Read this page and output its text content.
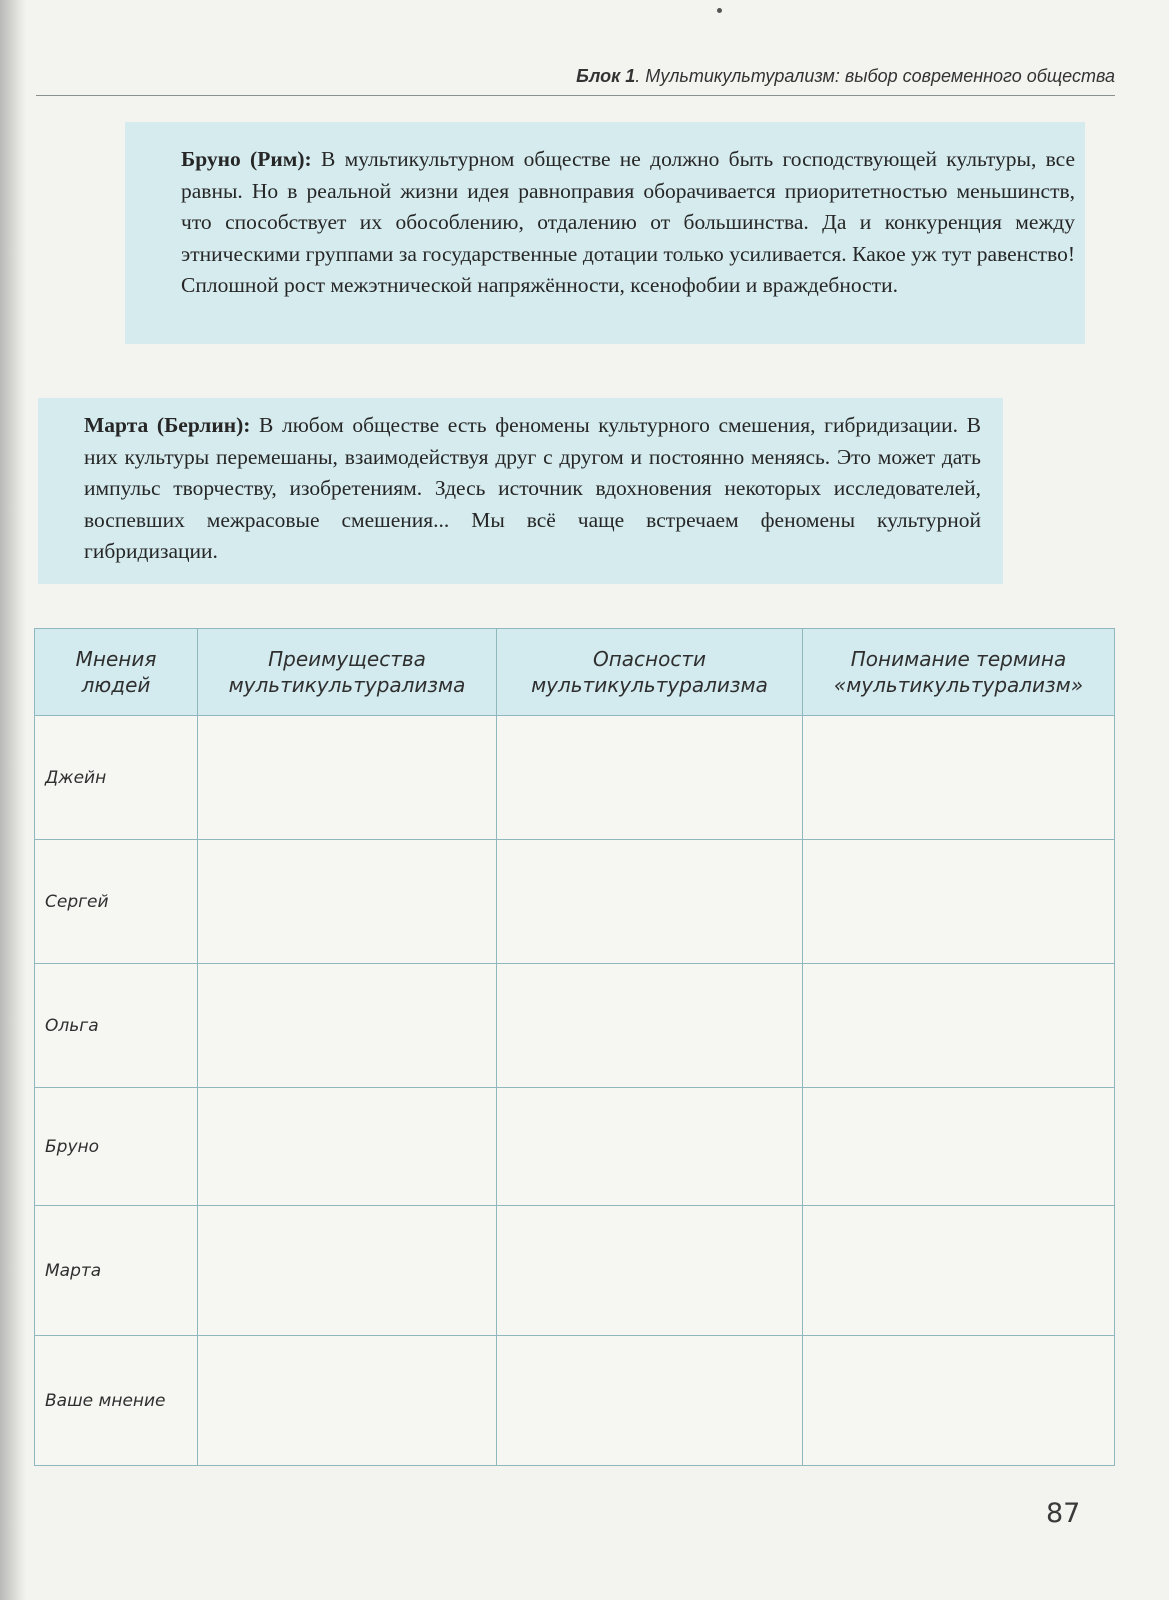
Блок 1. Мультикультурализм: выбор современного общества

Бруно (Рим): В мультикультурном обществе не должно быть господствующей культуры, все равны. Но в реальной жизни идея равноправия оборачивается приоритетностью меньшинств, что способствует их обособлению, отдалению от большинства. Да и конкуренция между этническими группами за государственные дотации только усиливается. Какое уж тут равенство! Сплошной рост межэтнической напряжённости, ксенофобии и враждебности.

Марта (Берлин): В любом обществе есть феномены культурного смешения, гибридизации. В них культуры перемешаны, взаимодействуя друг с другом и постоянно меняясь. Это может дать импульс творчеству, изобретениям. Здесь источник вдохновения некоторых исследователей, воспевших межрасовые смешения... Мы всё чаще встречаем феномены культурной гибридизации.

Мнения людей	Преимущества мультикультурализма	Опасности мультикультурализма	Понимание термина «мультикультурализм»
Джейн			
Сергей			
Ольга			
Бруно			
Марта			
Ваше мнение			
87
